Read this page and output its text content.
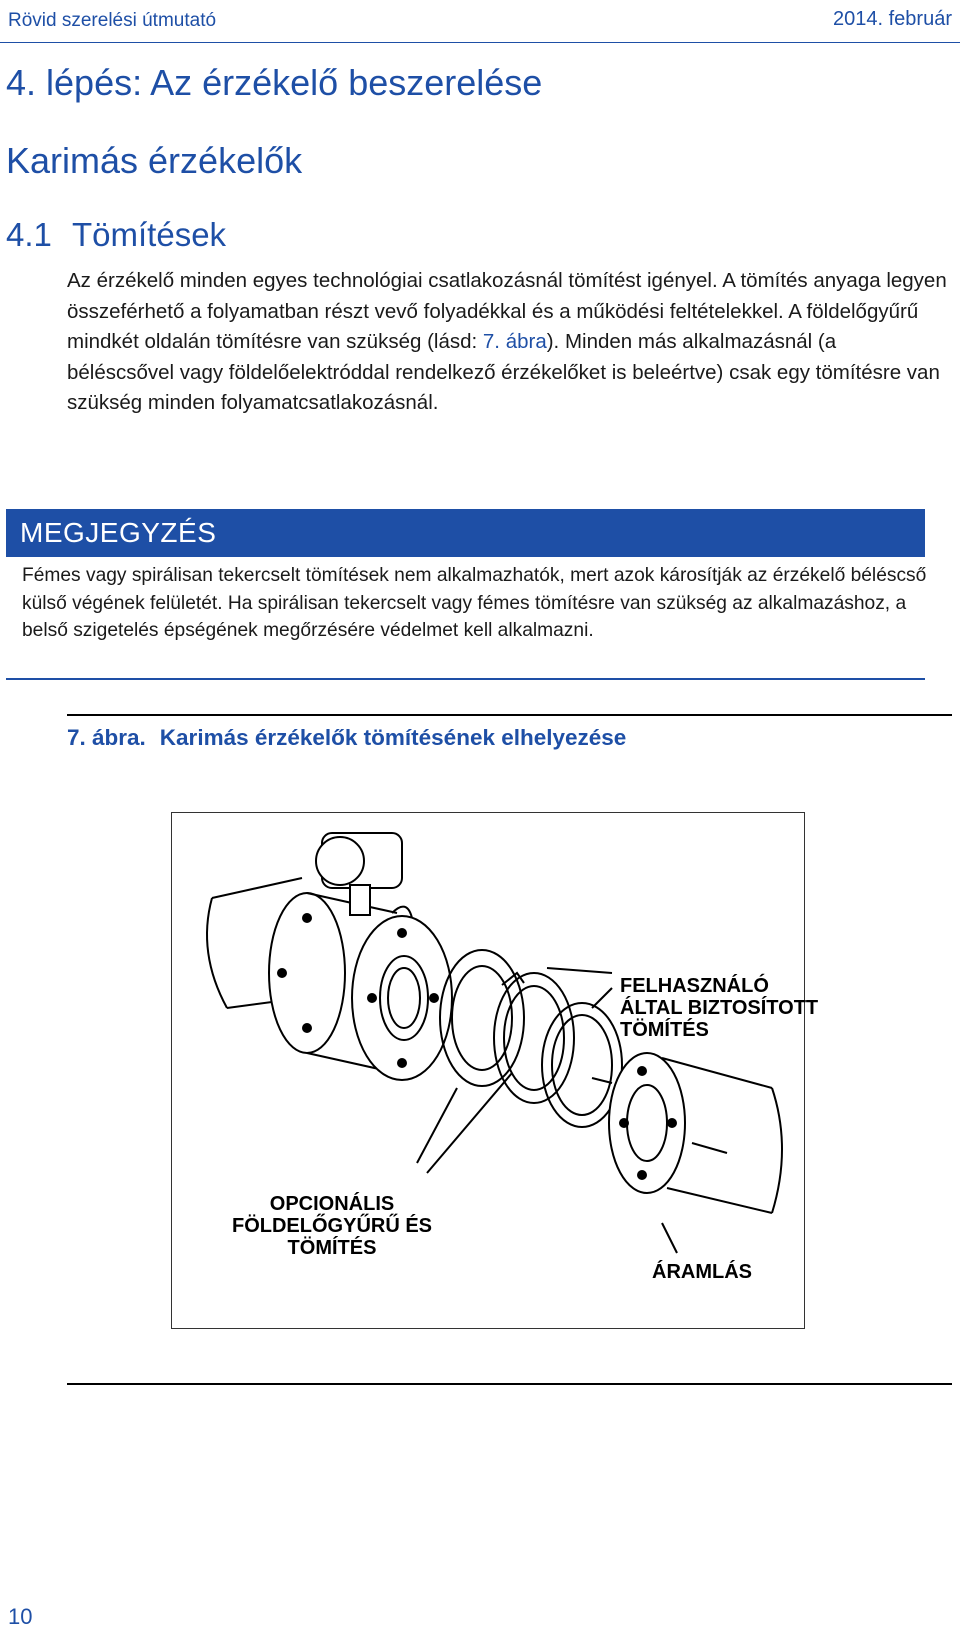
Rövid szerelési útmutató	2014. február
4. lépés: Az érzékelő beszerelése
Karimás érzékelők
4.1 Tömítések

Az érzékelő minden egyes technológiai csatlakozásnál tömítést igényel. A tömítés anyaga legyen összeférhető a folyamatban részt vevő folyadékkal és a működési feltételekkel. A földelőgyűrű mindkét oldalán tömítésre van szükség (lásd: 7. ábra). Minden más alkalmazásnál (a béléscsővel vagy földelőelektróddal rendelkező érzékelőket is beleértve) csak egy tömítésre van szükség minden folyamatcsatlakozásnál.

MEGJEGYZÉS

Fémes vagy spirálisan tekercselt tömítések nem alkalmazhatók, mert azok károsítják az érzékelő béléscső külső végének felületét. Ha spirálisan tekercselt vagy fémes tömítésre van szükség az alkalmazáshoz, a belső szigetelés épségének megőrzésére védelmet kell alkalmazni.

7. ábra. Karimás érzékelők tömítésének elhelyezése
FELHASZNÁLÓ ÁLTAL BIZTOSÍTOTT TÖMÍTÉS
OPCIONÁLIS FÖLDELŐGYŰRŰ ÉS TÖMÍTÉS
ÁRAMLÁS
10
